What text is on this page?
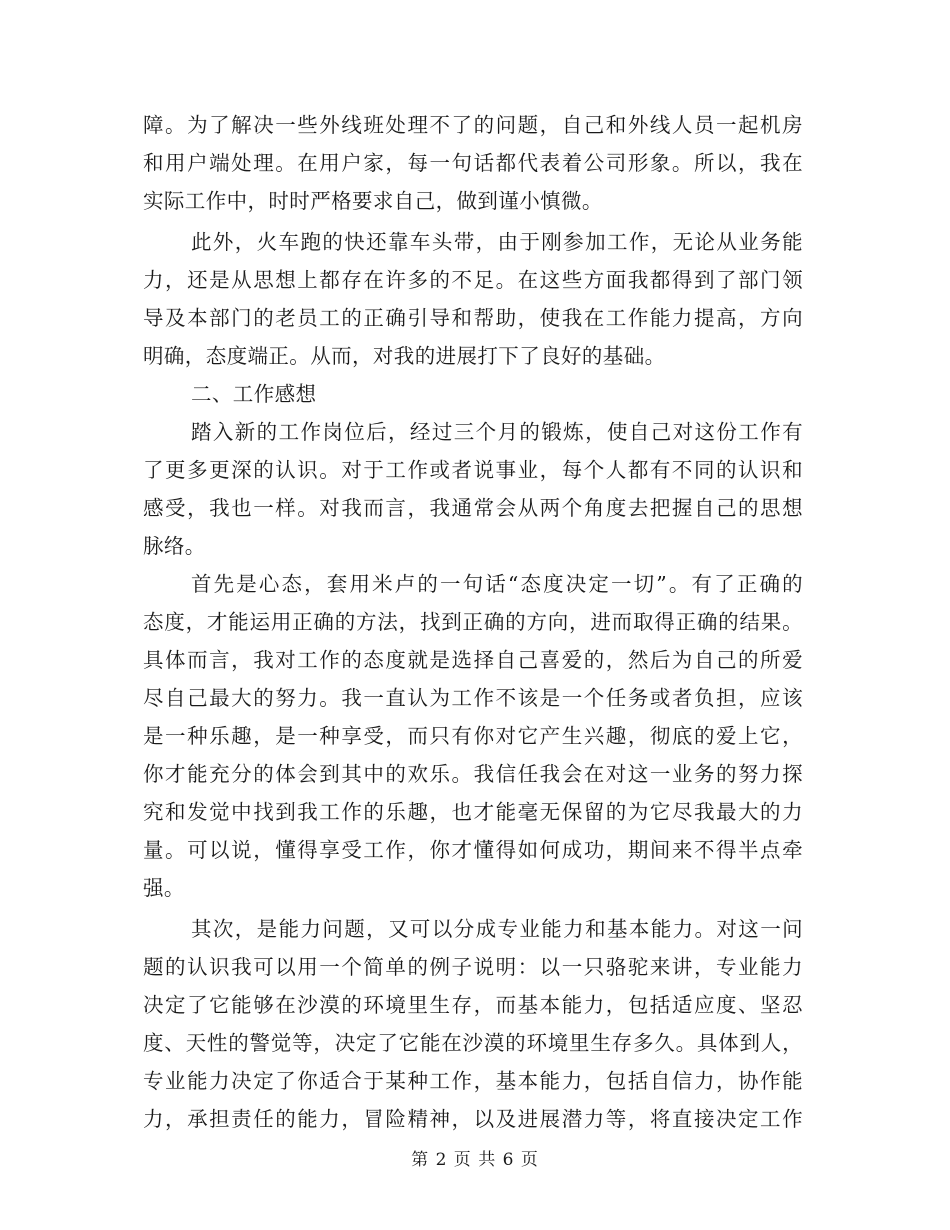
障。为了解决一些外线班处理不了的问题，自己和外线人员一起机房
和用户端处理。在用户家，每一句话都代表着公司形象。所以，我在
实际工作中，时时严格要求自己，做到谨小慎微。
此外，火车跑的快还靠车头带，由于刚参加工作，无论从业务能
力，还是从思想上都存在许多的不足。在这些方面我都得到了部门领
导及本部门的老员工的正确引导和帮助，使我在工作能力提高，方向
明确，态度端正。从而，对我的进展打下了良好的基础。
二、工作感想
踏入新的工作岗位后，经过三个月的锻炼，使自己对这份工作有
了更多更深的认识。对于工作或者说事业，每个人都有不同的认识和
感受，我也一样。对我而言，我通常会从两个角度去把握自己的思想
脉络。
首先是心态，套用米卢的一句话“态度决定一切”。有了正确的
态度，才能运用正确的方法，找到正确的方向，进而取得正确的结果。
具体而言，我对工作的态度就是选择自己喜爱的，然后为自己的所爱
尽自己最大的努力。我一直认为工作不该是一个任务或者负担，应该
是一种乐趣，是一种享受，而只有你对它产生兴趣，彻底的爱上它，
你才能充分的体会到其中的欢乐。我信任我会在对这一业务的努力探
究和发觉中找到我工作的乐趣，也才能毫无保留的为它尽我最大的力
量。可以说，懂得享受工作，你才懂得如何成功，期间来不得半点牵
强。
其次，是能力问题，又可以分成专业能力和基本能力。对这一问
题的认识我可以用一个简单的例子说明：以一只骆驼来讲，专业能力
决定了它能够在沙漠的环境里生存，而基本能力，包括适应度、坚忍
度、天性的警觉等，决定了它能在沙漠的环境里生存多久。具体到人，
专业能力决定了你适合于某种工作，基本能力，包括自信力，协作能
力，承担责任的能力，冒险精神，以及进展潜力等，将直接决定工作
第 2 页 共 6 页
